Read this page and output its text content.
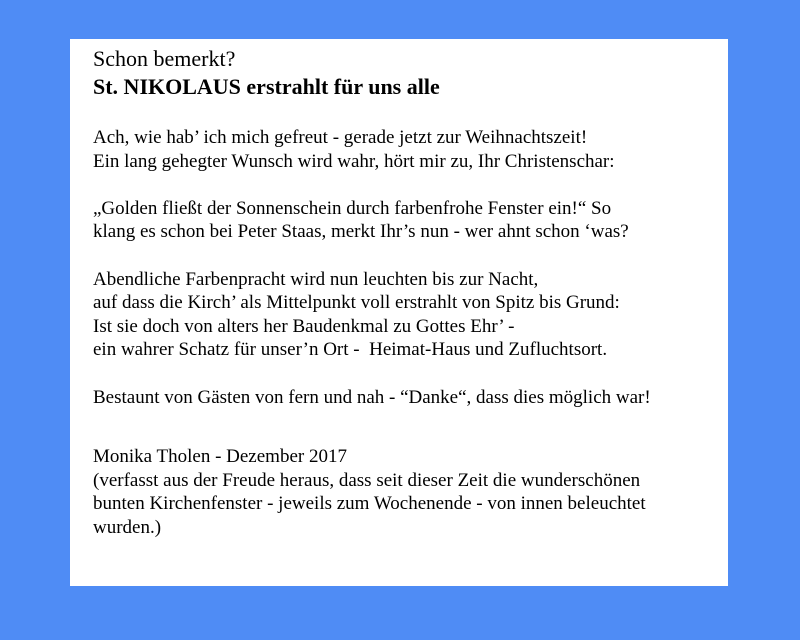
Schon bemerkt?
St. NIKOLAUS erstrahlt für uns alle
Ach, wie hab’ ich mich gefreut - gerade jetzt zur Weihnachtszeit!
Ein lang gehegter Wunsch wird wahr, hört mir zu, Ihr Christenschar:
„Golden fließt der Sonnenschein durch farbenfrohe Fenster ein!“ So
klang es schon bei Peter Staas, merkt Ihr’s nun - wer ahnt schon ‘was?
Abendliche Farbenpracht wird nun leuchten bis zur Nacht,
auf dass die Kirch’ als Mittelpunkt voll erstrahlt von Spitz bis Grund:
Ist sie doch von alters her Baudenkmal zu Gottes Ehr’ -
ein wahrer Schatz für unser’n Ort -  Heimat-Haus und Zufluchtsort.
Bestaunt von Gästen von fern und nah - “Danke“, dass dies möglich war!
Monika Tholen - Dezember 2017
(verfasst aus der Freude heraus, dass seit dieser Zeit die wunderschönen
bunten Kirchenfenster - jeweils zum Wochenende - von innen beleuchtet
wurden.)
